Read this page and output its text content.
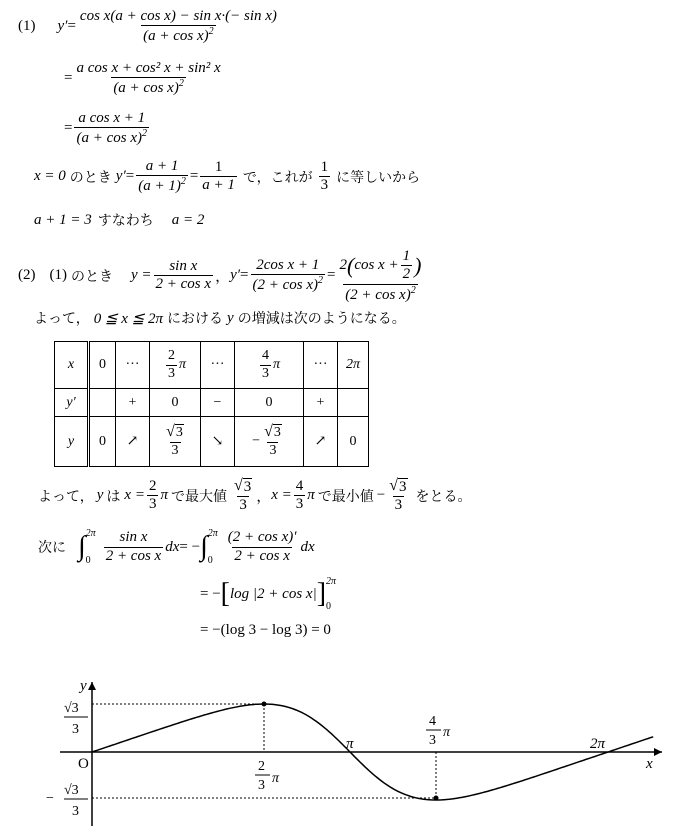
(1) $y' = \frac{\text{cos x(a + cos x) − sin x·(− sin x)}}{(a + \cos x)^2}$
= $\frac{\text{a cos x + cos² x + sin² x}}{(a + \cos x)^2}$
= $\frac{\text{a cos x + 1}}{(a + \cos x)^2}$
x = 0 のとき $y' = \frac{a + 1}{(a + 1)^2} = \frac{1}{a + 1}$ で，これが $\frac{1}{3}$ に等しいから
a + 1 = 3 すなわち a = 2
(2) (1) のとき $y = \frac{\text{sin x}}{\text{2 + cos x}}$ ， $y' = \frac{\text{2cos x + 1}}{(2 + \cos x)^2} = \frac{2 ( \cos x + \frac{1}{2} )}{(2 + \cos x)^2}$
よって， 0 ≦ x ≦ 2π における y の増減は次のようになる。
x	0	···	$\frac{2}{3}$ π	···	$\frac{4}{3}$ π	···	2π
y′		+	0	−	0	+	
y	0	↗	$\frac{√ 3}{3}$	↘	− $\frac{√ 3}{3}$	↗	0
よって， y は $x = \frac{2}{3}$ π で最大値 $\frac{√ 3}{3}$ ， $x = \frac{4}{3}$ π で最小値 − $\frac{√ 3}{3}$ をとる。
次に ∫ 2π
$0 \frac{\text{sin x}}{\text{2 + cos x}}$ dx = − ∫ 2π
$0 \frac{\text{(2 + cos x)′}}{\text{2 + cos x}}$ dx
= − [ log |2 + cos x| ] 2π
0
= −(log 3 − log 3) = 0
y
x
O
√3
3
−
√3
3
π	2π
2
3 π
4
3
π
